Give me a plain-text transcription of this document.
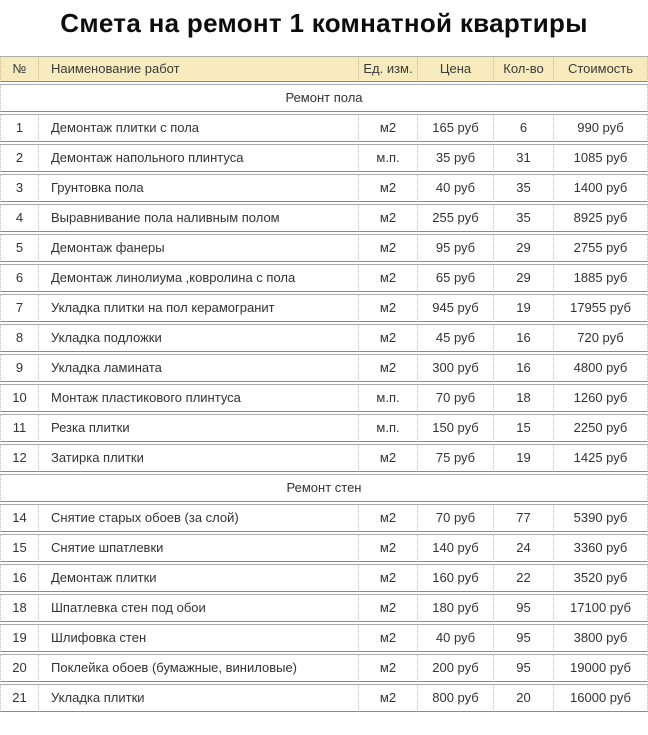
Смета на ремонт 1 комнатной квартиры
№	Наименование работ	Ед. изм.	Цена	Кол-во	Стоимость
Ремонт пола					
1	Демонтаж плитки с пола	м2	165 руб	6	990 руб
2	Демонтаж напольного плинтуса	м.п.	35 руб	31	1085 руб
3	Грунтовка пола	м2	40 руб	35	1400 руб
4	Выравнивание пола наливным полом	м2	255 руб	35	8925 руб
5	Демонтаж фанеры	м2	95 руб	29	2755 руб
6	Демонтаж линолиума ,ковролина с пола	м2	65 руб	29	1885 руб
7	Укладка плитки на пол керамогранит	м2	945 руб	19	17955 руб
8	Укладка подложки	м2	45 руб	16	720 руб
9	Укладка ламината	м2	300 руб	16	4800 руб
10	Монтаж пластикового плинтуса	м.п.	70 руб	18	1260 руб
11	Резка плитки	м.п.	150 руб	15	2250 руб
12	Затирка плитки	м2	75 руб	19	1425 руб
Ремонт стен					
14	Снятие старых обоев (за слой)	м2	70 руб	77	5390 руб
15	Снятие шпатлевки	м2	140 руб	24	3360 руб
16	Демонтаж плитки	м2	160 руб	22	3520 руб
18	Шпатлевка стен под обои	м2	180 руб	95	17100 руб
19	Шлифовка стен	м2	40 руб	95	3800 руб
20	Поклейка обоев (бумажные, виниловые)	м2	200 руб	95	19000 руб
21	Укладка плитки	м2	800 руб	20	16000 руб
